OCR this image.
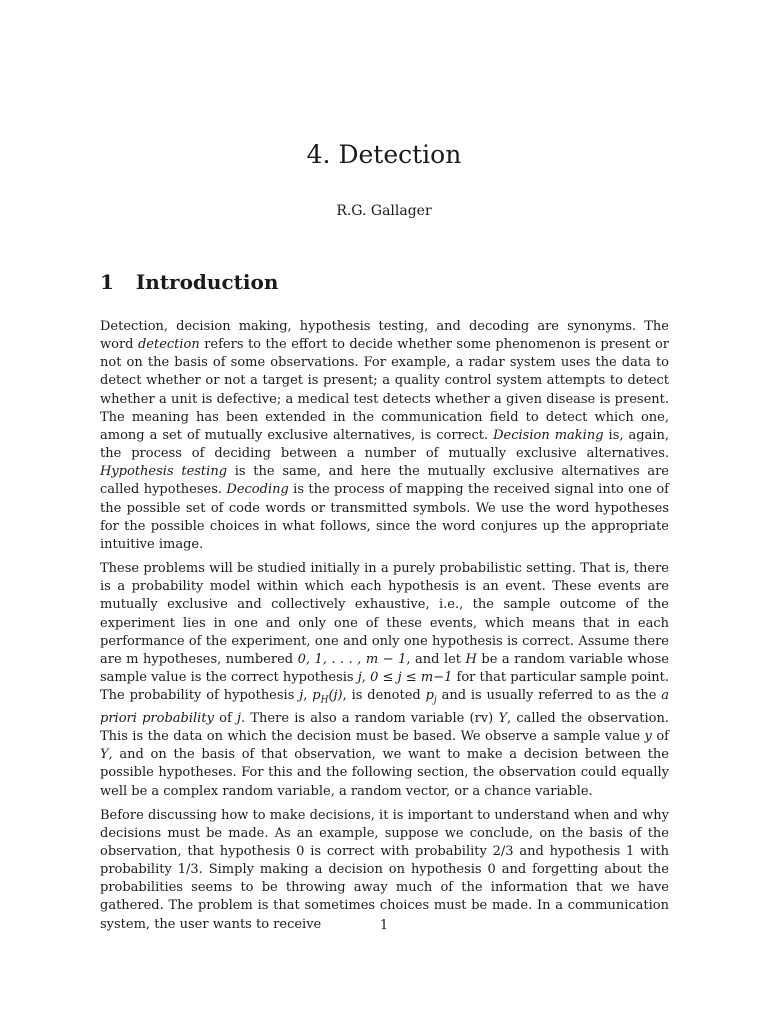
4. Detection
R.G. Gallager
1 Introduction

Detection, decision making, hypothesis testing, and decoding are synonyms. The word detection refers to the effort to decide whether some phenomenon is present or not on the basis of some observations. For example, a radar system uses the data to detect whether or not a target is present; a quality control system attempts to detect whether a unit is defective; a medical test detects whether a given disease is present. The meaning has been extended in the communication field to detect which one, among a set of mutually exclusive alternatives, is correct. Decision making is, again, the process of deciding between a number of mutually exclusive alternatives. Hypothesis testing is the same, and here the mutually exclusive alternatives are called hypotheses. Decoding is the process of mapping the received signal into one of the possible set of code words or transmitted symbols. We use the word hypotheses for the possible choices in what follows, since the word conjures up the appropriate intuitive image.

These problems will be studied initially in a purely probabilistic setting. That is, there is a probability model within which each hypothesis is an event. These events are mutually exclusive and collectively exhaustive, i.e., the sample outcome of the experiment lies in one and only one of these events, which means that in each performance of the experiment, one and only one hypothesis is correct. Assume there are m hypotheses, numbered 0, 1, . . . , m − 1, and let H be a random variable whose sample value is the correct hypothesis j, 0 ≤ j ≤ m−1 for that particular sample point. The probability of hypothesis j, $p_H(j)$, is denoted $p_j$ and is usually referred to as the a priori probability of j. There is also a random variable (rv) Y, called the observation. This is the data on which the decision must be based. We observe a sample value y of Y, and on the basis of that observation, we want to make a decision between the possible hypotheses. For this and the following section, the observation could equally well be a complex random variable, a random vector, or a chance variable.

Before discussing how to make decisions, it is important to understand when and why decisions must be made. As an example, suppose we conclude, on the basis of the observation, that hypothesis 0 is correct with probability 2/3 and hypothesis 1 with probability 1/3. Simply making a decision on hypothesis 0 and forgetting about the probabilities seems to be throwing away much of the information that we have gathered. The problem is that sometimes choices must be made. In a communication system, the user wants to receive	1
